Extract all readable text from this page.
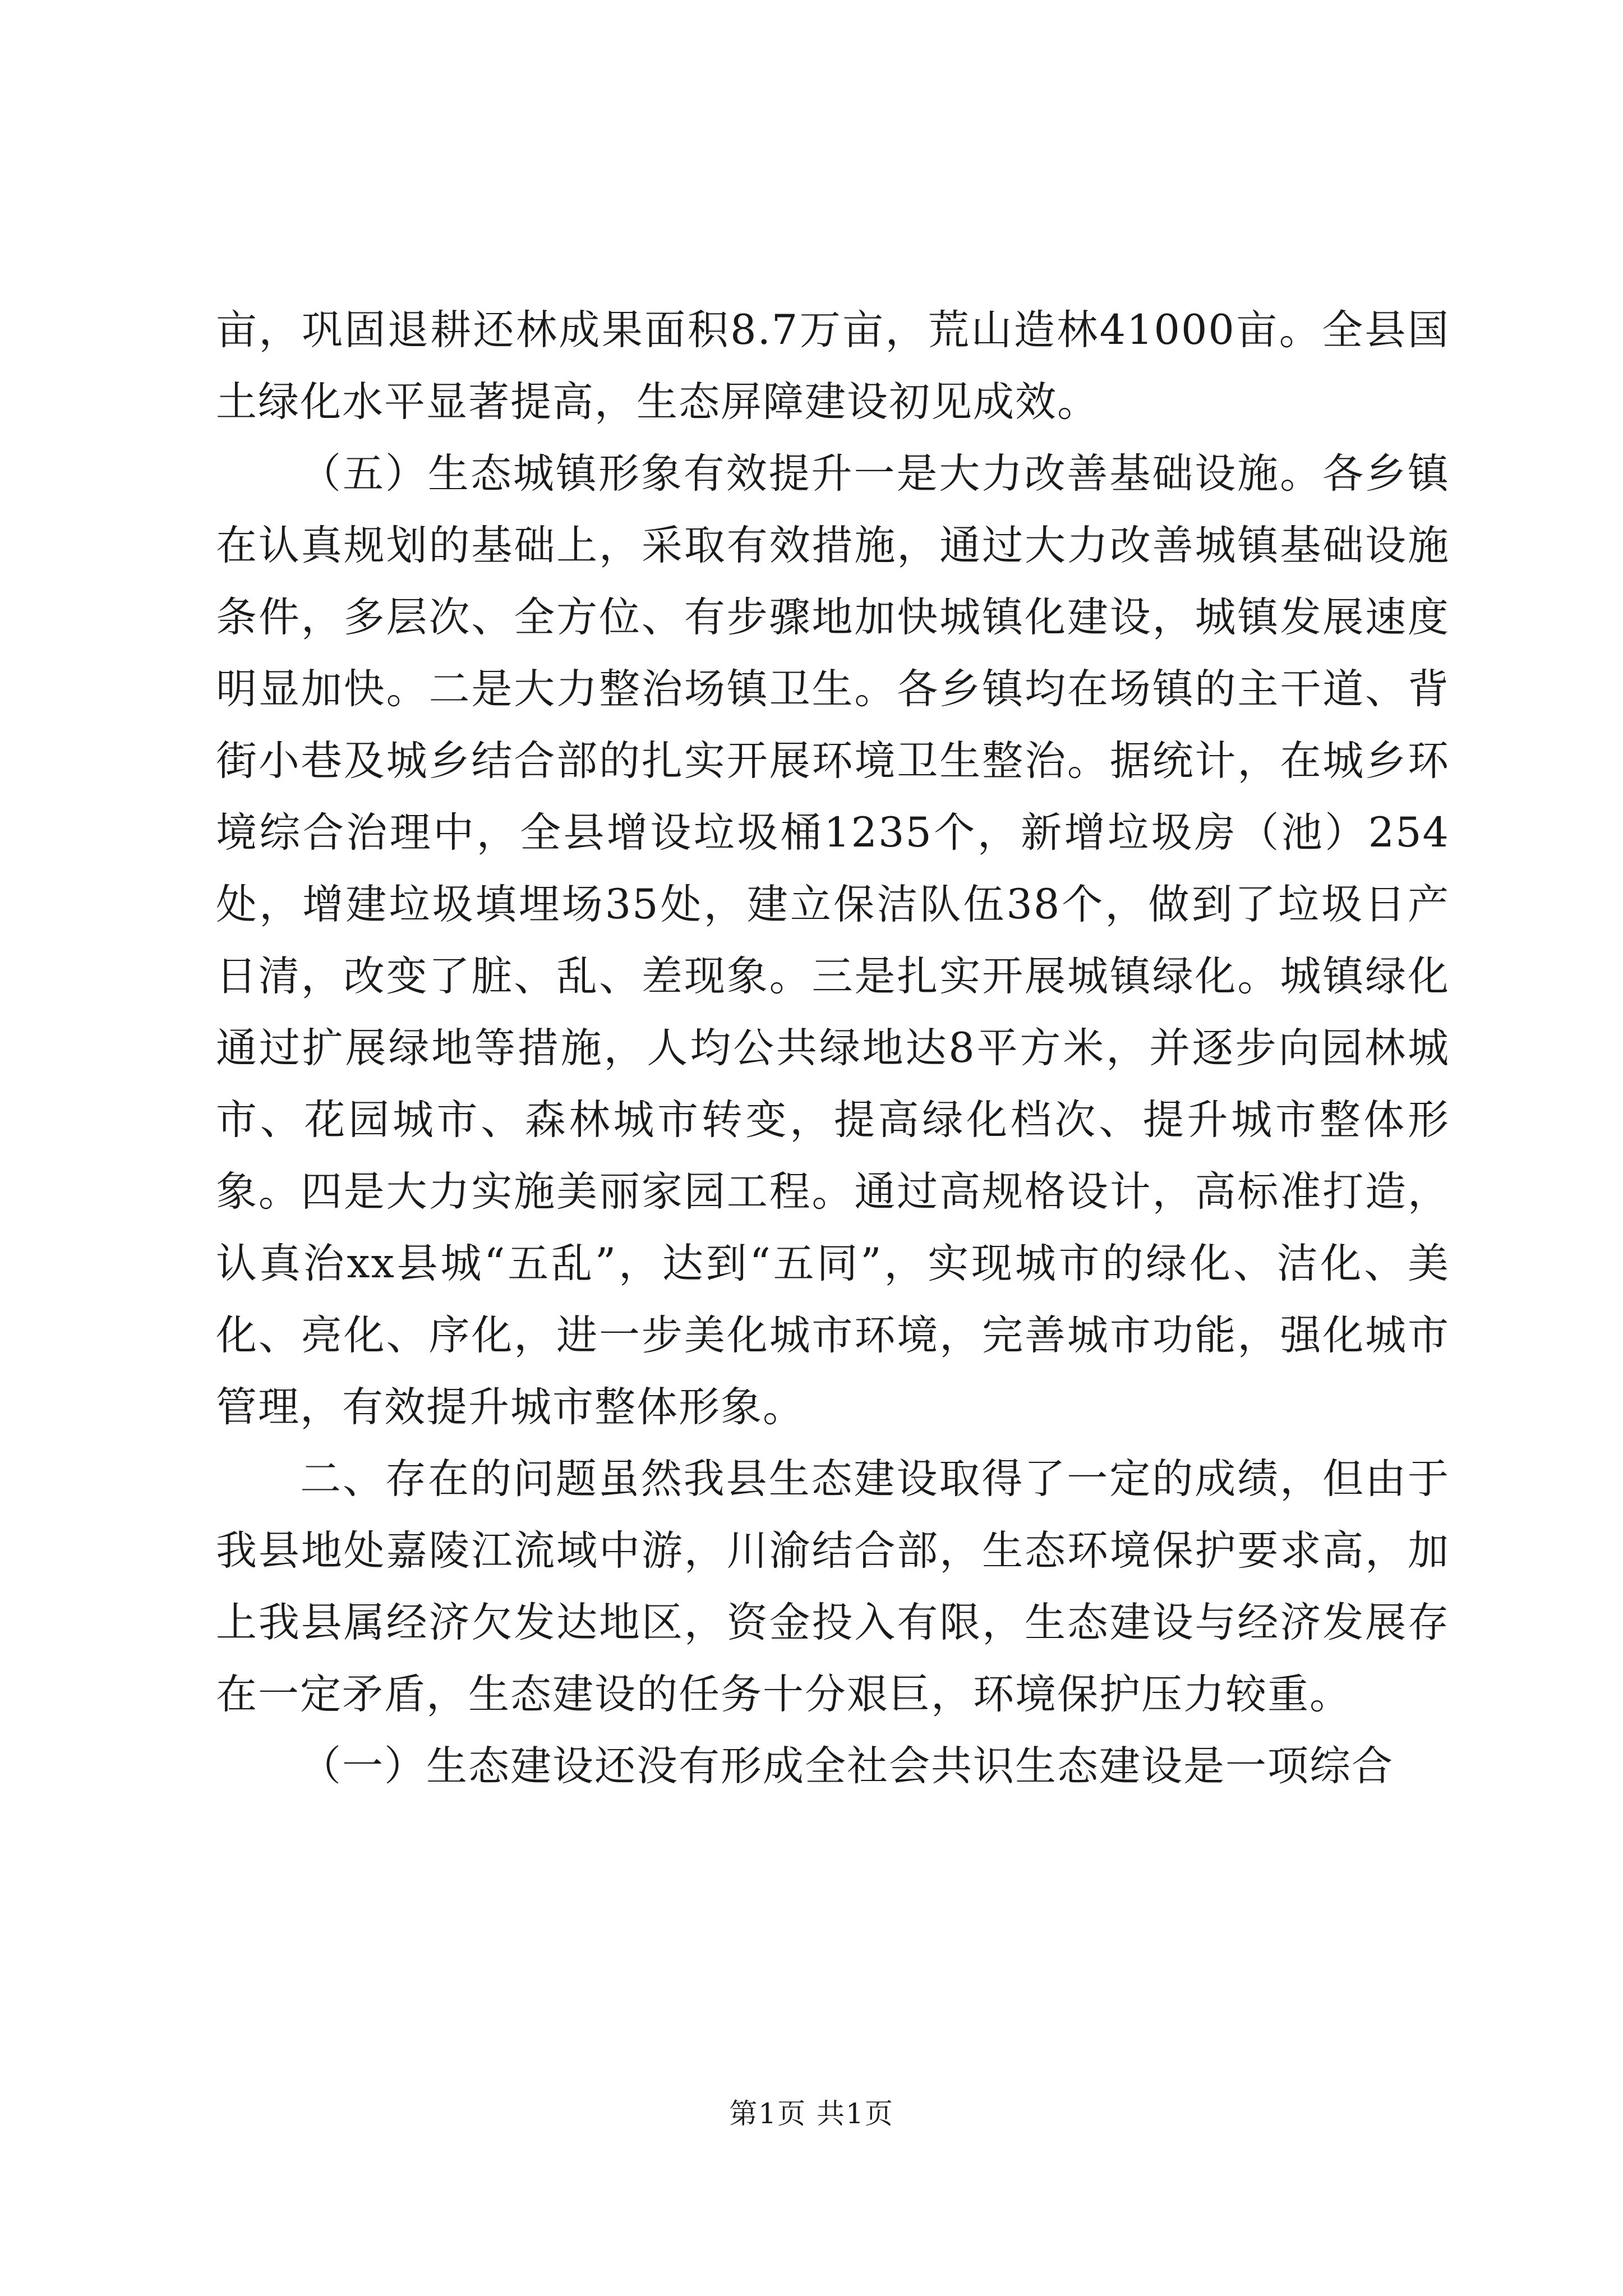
亩，巩固退耕还林成果面积8.7万亩，荒山造林41000亩。全县国土绿化水平显著提高，生态屏障建设初见成效。

（五）生态城镇形象有效提升一是大力改善基础设施。各乡镇在认真规划的基础上，采取有效措施，通过大力改善城镇基础设施条件，多层次、全方位、有步骤地加快城镇化建设，城镇发展速度明显加快。二是大力整治场镇卫生。各乡镇均在场镇的主干道、背街小巷及城乡结合部的扎实开展环境卫生整治。据统计，在城乡环境综合治理中，全县增设垃圾桶1235个，新增垃圾房（池）254处，增建垃圾填埋场35处，建立保洁队伍38个，做到了垃圾日产日清，改变了脏、乱、差现象。三是扎实开展城镇绿化。城镇绿化通过扩展绿地等措施，人均公共绿地达8平方米，并逐步向园林城市、花园城市、森林城市转变，提高绿化档次、提升城市整体形象。四是大力实施美丽家园工程。通过高规格设计，高标准打造，认真治xx县城“五乱”，达到“五同”，实现城市的绿化、洁化、美化、亮化、序化，进一步美化城市环境，完善城市功能，强化城市管理，有效提升城市整体形象。

二、存在的问题虽然我县生态建设取得了一定的成绩，但由于我县地处嘉陵江流域中游，川渝结合部，生态环境保护要求高，加上我县属经济欠发达地区，资金投入有限，生态建设与经济发展存在一定矛盾，生态建设的任务十分艰巨，环境保护压力较重。

（一）生态建设还没有形成全社会共识生态建设是一项综合

第1页 共1页
